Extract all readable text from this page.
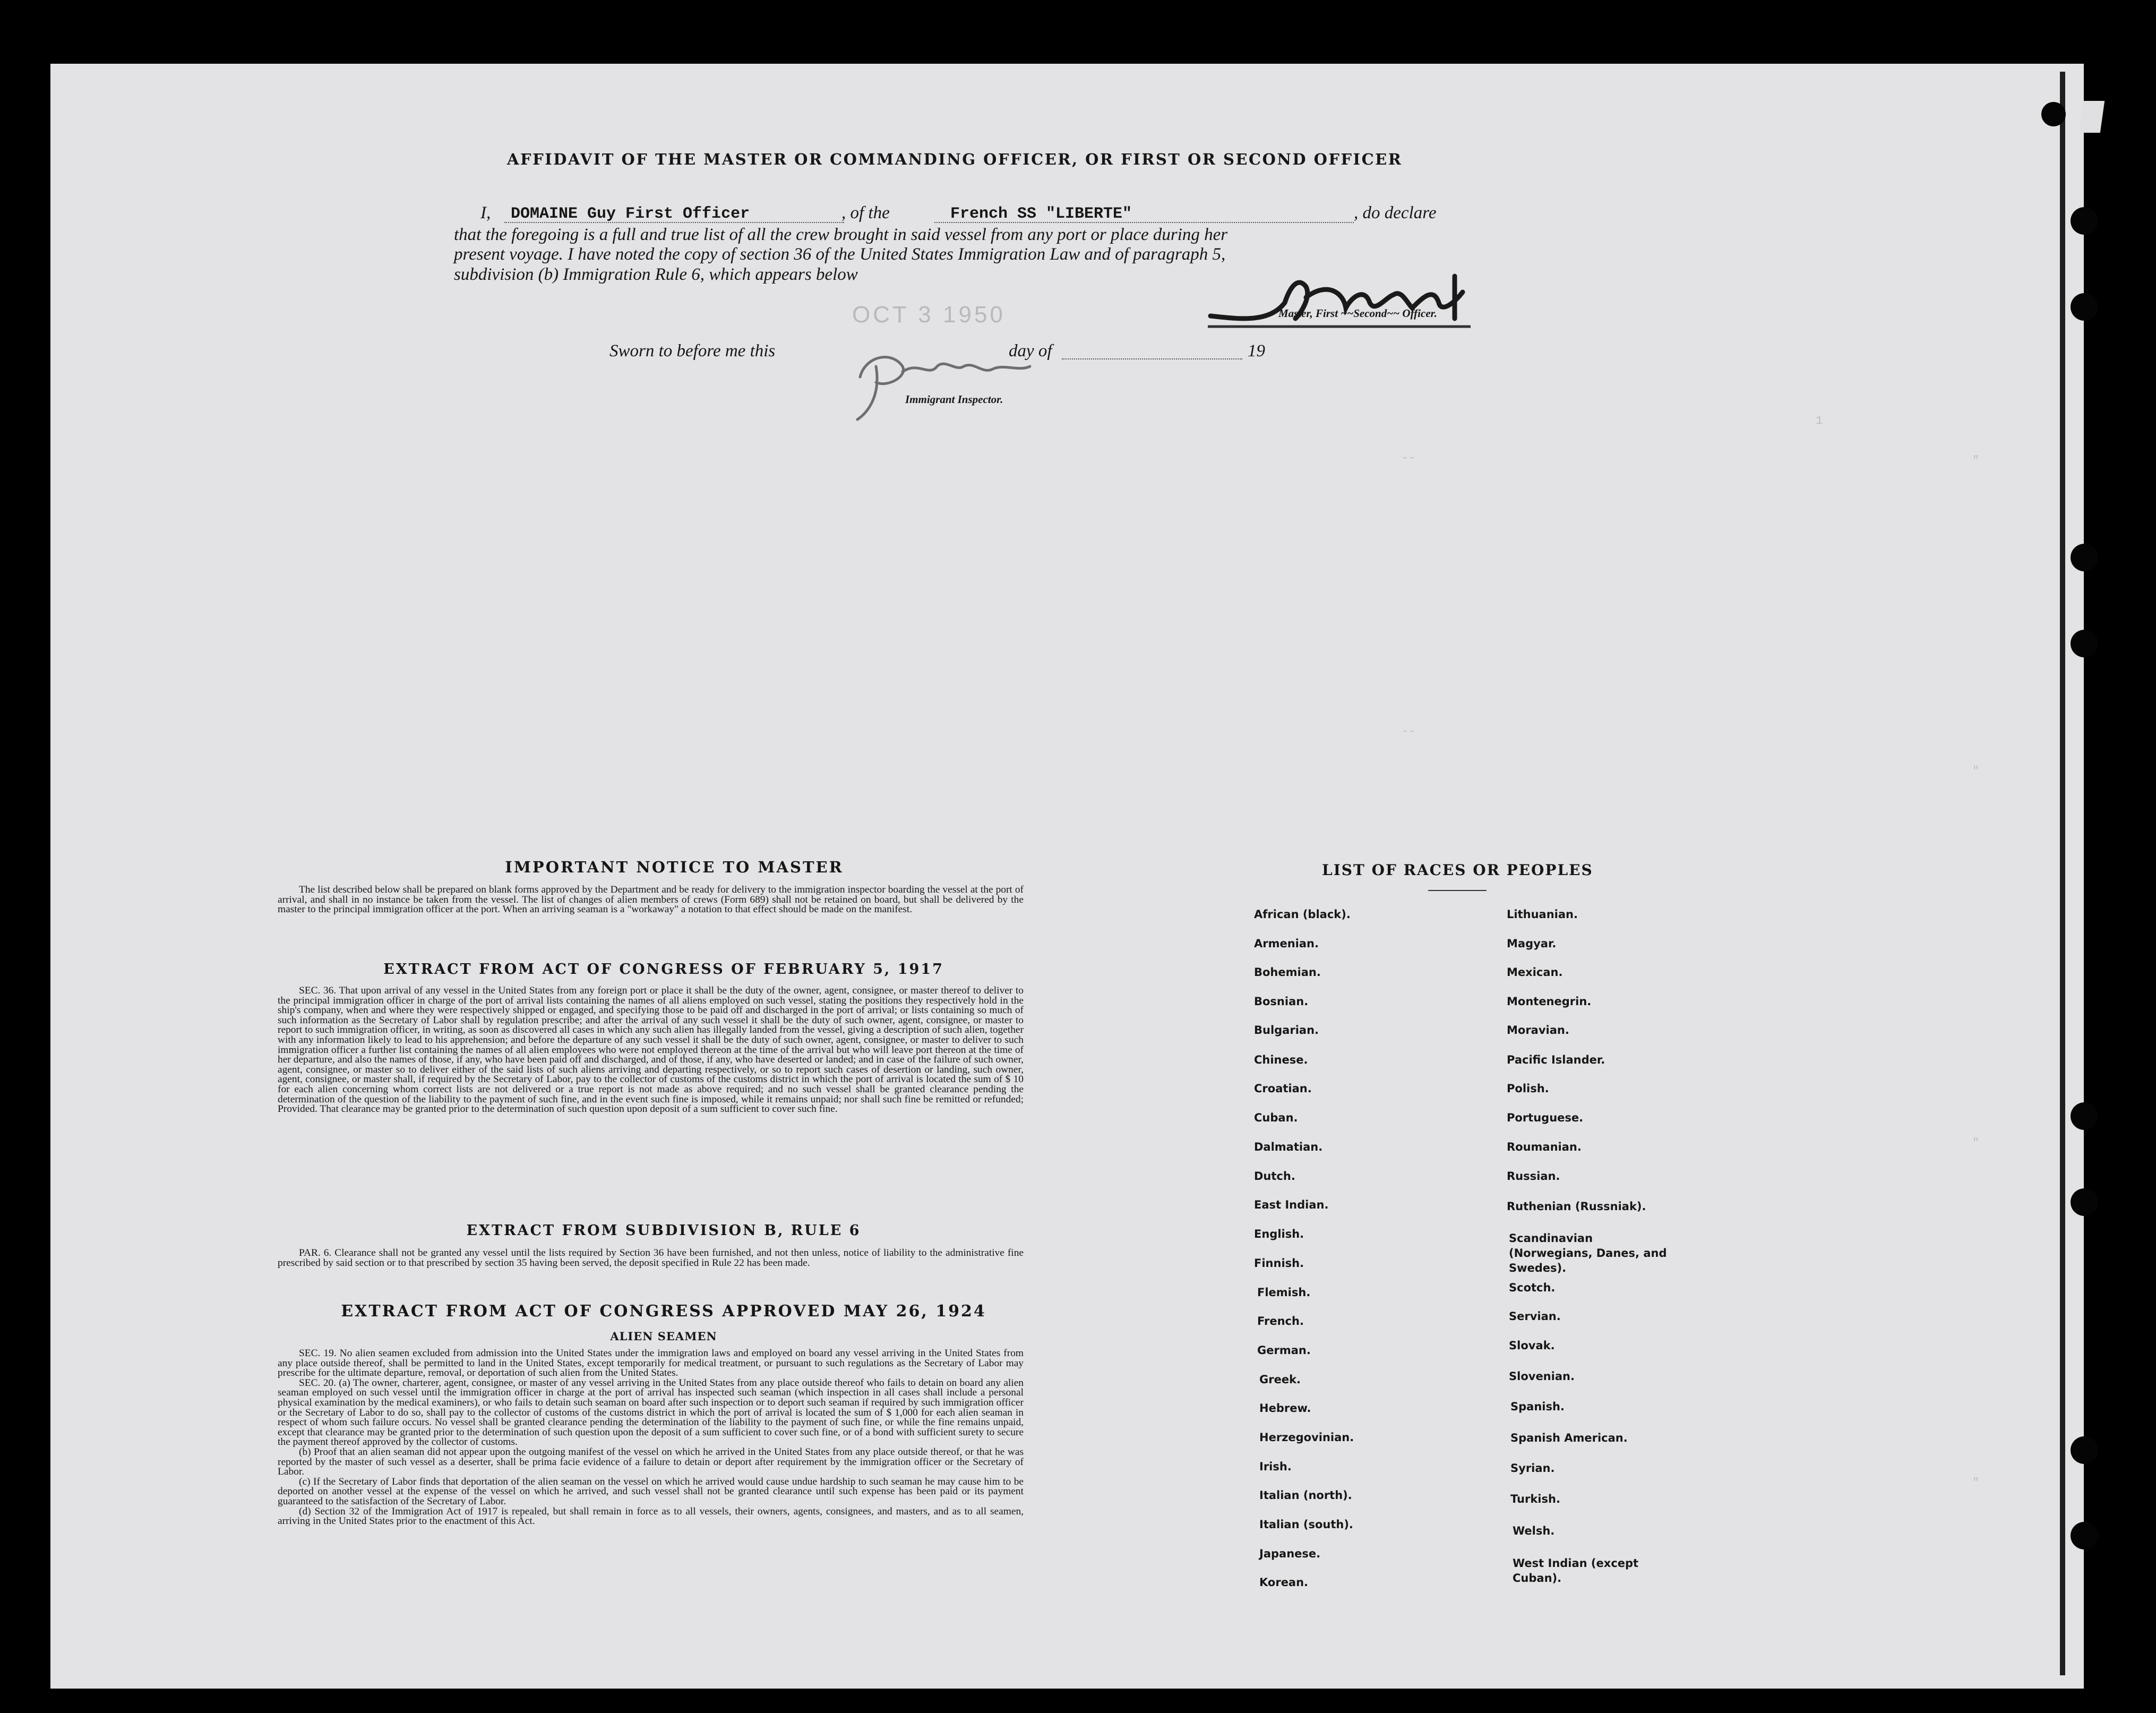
1
"
"
"
"
--
--
AFFIDAVIT OF THE MASTER OR COMMANDING OFFICER, OR FIRST OR SECOND OFFICER
I, DOMAINE Guy First Officer	, of the	French SS "LIBERTE"	, do declare
that the foregoing is a full and true list of all the crew brought in said vessel from any port or place during her
present voyage. I have noted the copy of section 36 of the United States Immigration Law and of paragraph 5,
subdivision (b) Immigration Rule 6, which appears below
Master, First ~~Second~~ Officer.
OCT 3 1950
Sworn to before me this	day of	19
Immigrant Inspector.
IMPORTANT NOTICE TO MASTER

The list described below shall be prepared on blank forms approved by the Department and be ready for delivery to the immigration inspector boarding the vessel at the port of arrival, and shall in no instance be taken from the vessel. The list of changes of alien members of crews (Form 689) shall not be retained on board, but shall be delivered by the master to the principal immigration officer at the port. When an arriving seaman is a "workaway" a notation to that effect should be made on the manifest.

EXTRACT FROM ACT OF CONGRESS OF FEBRUARY 5, 1917

SEC. 36. That upon arrival of any vessel in the United States from any foreign port or place it shall be the duty of the owner, agent, consignee, or master thereof to deliver to the principal immigration officer in charge of the port of arrival lists containing the names of all aliens employed on such vessel, stating the positions they respectively hold in the ship's company, when and where they were respectively shipped or engaged, and specifying those to be paid off and discharged in the port of arrival; or lists containing so much of such information as the Secretary of Labor shall by regulation prescribe; and after the arrival of any such vessel it shall be the duty of such owner, agent, consignee, or master to report to such immigration officer, in writing, as soon as discovered all cases in which any such alien has illegally landed from the vessel, giving a description of such alien, together with any information likely to lead to his apprehension; and before the departure of any such vessel it shall be the duty of such owner, agent, consignee, or master to deliver to such immigration officer a further list containing the names of all alien employees who were not employed thereon at the time of the arrival but who will leave port thereon at the time of her departure, and also the names of those, if any, who have been paid off and discharged, and of those, if any, who have deserted or landed; and in case of the failure of such owner, agent, consignee, or master so to deliver either of the said lists of such aliens arriving and departing respectively, or so to report such cases of desertion or landing, such owner, agent, consignee, or master shall, if required by the Secretary of Labor, pay to the collector of customs of the customs district in which the port of arrival is located the sum of $ 10 for each alien concerning whom correct lists are not delivered or a true report is not made as above required; and no such vessel shall be granted clearance pending the determination of the question of the liability to the payment of such fine, and in the event such fine is imposed, while it remains unpaid; nor shall such fine be remitted or refunded; Provided. That clearance may be granted prior to the determination of such question upon deposit of a sum sufficient to cover such fine.

EXTRACT FROM SUBDIVISION B, RULE 6

PAR. 6. Clearance shall not be granted any vessel until the lists required by Section 36 have been furnished, and not then unless, notice of liability to the administrative fine prescribed by said section or to that prescribed by section 35 having been served, the deposit specified in Rule 22 has been made.

EXTRACT FROM ACT OF CONGRESS APPROVED MAY 26, 1924
ALIEN SEAMEN

SEC. 19. No alien seamen excluded from admission into the United States under the immigration laws and employed on board any vessel arriving in the United States from any place outside thereof, shall be permitted to land in the United States, except temporarily for medical treatment, or pursuant to such regulations as the Secretary of Labor may prescribe for the ultimate departure, removal, or deportation of such alien from the United States.

SEC. 20. (a) The owner, charterer, agent, consignee, or master of any vessel arriving in the United States from any place outside thereof who fails to detain on board any alien seaman employed on such vessel until the immigration officer in charge at the port of arrival has inspected such seaman (which inspection in all cases shall include a personal physical examination by the medical examiners), or who fails to detain such seaman on board after such inspection or to deport such seaman if required by such immigration officer or the Secretary of Labor to do so, shall pay to the collector of customs of the customs district in which the port of arrival is located the sum of $ 1,000 for each alien seaman in respect of whom such failure occurs. No vessel shall be granted clearance pending the determination of the liability to the payment of such fine, or while the fine remains unpaid, except that clearance may be granted prior to the determination of such question upon the deposit of a sum sufficient to cover such fine, or of a bond with sufficient surety to secure the payment thereof approved by the collector of customs.

(b) Proof that an alien seaman did not appear upon the outgoing manifest of the vessel on which he arrived in the United States from any place outside thereof, or that he was reported by the master of such vessel as a deserter, shall be prima facie evidence of a failure to detain or deport after requirement by the immigration officer or the Secretary of Labor.

(c) If the Secretary of Labor finds that deportation of the alien seaman on the vessel on which he arrived would cause undue hardship to such seaman he may cause him to be deported on another vessel at the expense of the vessel on which he arrived, and such vessel shall not be granted clearance until such expense has been paid or its payment guaranteed to the satisfaction of the Secretary of Labor.

(d) Section 32 of the Immigration Act of 1917 is repealed, but shall remain in force as to all vessels, their owners, agents, consignees, and masters, and as to all seamen, arriving in the United States prior to the enactment of this Act.

LIST OF RACES OR PEOPLES
African (black).
Armenian.
Bohemian.
Bosnian.
Bulgarian.
Chinese.
Croatian.
Cuban.
Dalmatian.
Dutch.
East Indian.
English.
Finnish.
Flemish.
French.
German.
Greek.
Hebrew.
Herzegovinian.
Irish.
Italian (north).
Italian (south).
Japanese.
Korean.
Lithuanian.
Magyar.
Mexican.
Montenegrin.
Moravian.
Pacific Islander.
Polish.
Portuguese.
Roumanian.
Russian.
Ruthenian (Russniak).
Scandinavian (Norwegians, Danes, and Swedes).
Scotch.
Servian.
Slovak.
Slovenian.
Spanish.
Spanish American.
Syrian.
Turkish.
Welsh.
West Indian (except Cuban).
